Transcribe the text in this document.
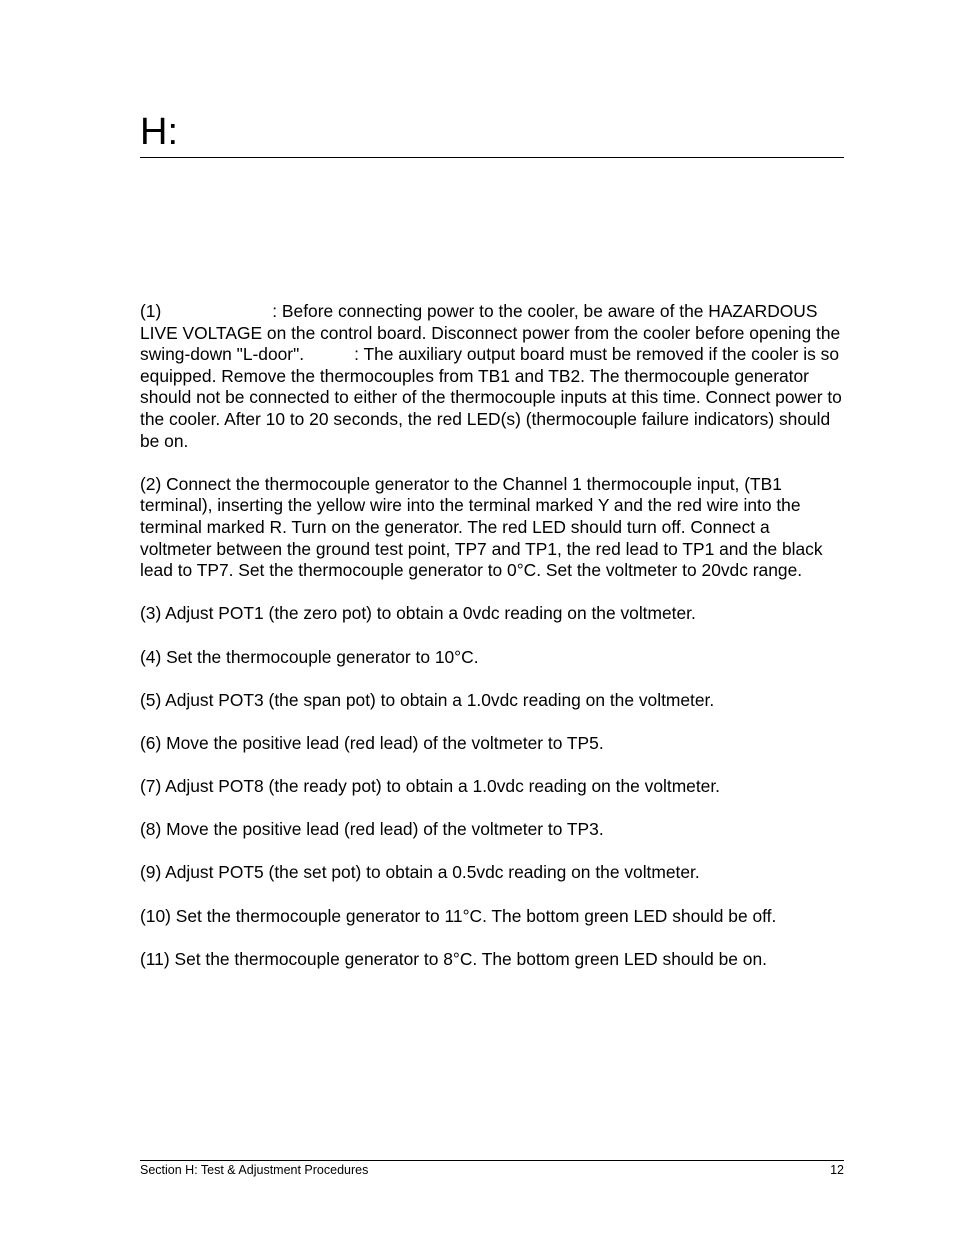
H:

(1)	: Before connecting power to the cooler, be aware of the HAZARDOUS LIVE VOLTAGE on the control board. Disconnect power from the cooler before opening the swing-down "L-door".	: The auxiliary output board must be removed if the cooler is so equipped. Remove the thermocouples from TB1 and TB2. The thermocouple generator should not be connected to either of the thermocouple inputs at this time. Connect power to the cooler. After 10 to 20 seconds, the red LED(s) (thermocouple failure indicators) should be on.

(2) Connect the thermocouple generator to the Channel 1 thermocouple input, (TB1 terminal), inserting the yellow wire into the terminal marked Y and the red wire into the terminal marked R. Turn on the generator. The red LED should turn off. Connect a voltmeter between the ground test point, TP7 and TP1, the red lead to TP1 and the black lead to TP7. Set the thermocouple generator to 0°C. Set the voltmeter to 20vdc range.

(3) Adjust POT1 (the zero pot) to obtain a 0vdc reading on the voltmeter.

(4) Set the thermocouple generator to 10°C.

(5) Adjust POT3 (the span pot) to obtain a 1.0vdc reading on the voltmeter.

(6) Move the positive lead (red lead) of the voltmeter to TP5.

(7) Adjust POT8 (the ready pot) to obtain a 1.0vdc reading on the voltmeter.

(8) Move the positive lead (red lead) of the voltmeter to TP3.

(9) Adjust POT5 (the set pot) to obtain a 0.5vdc reading on the voltmeter.

(10) Set the thermocouple generator to 11°C. The bottom green LED should be off.

(11) Set the thermocouple generator to 8°C. The bottom green LED should be on.

Section H: Test & Adjustment Procedures	12
